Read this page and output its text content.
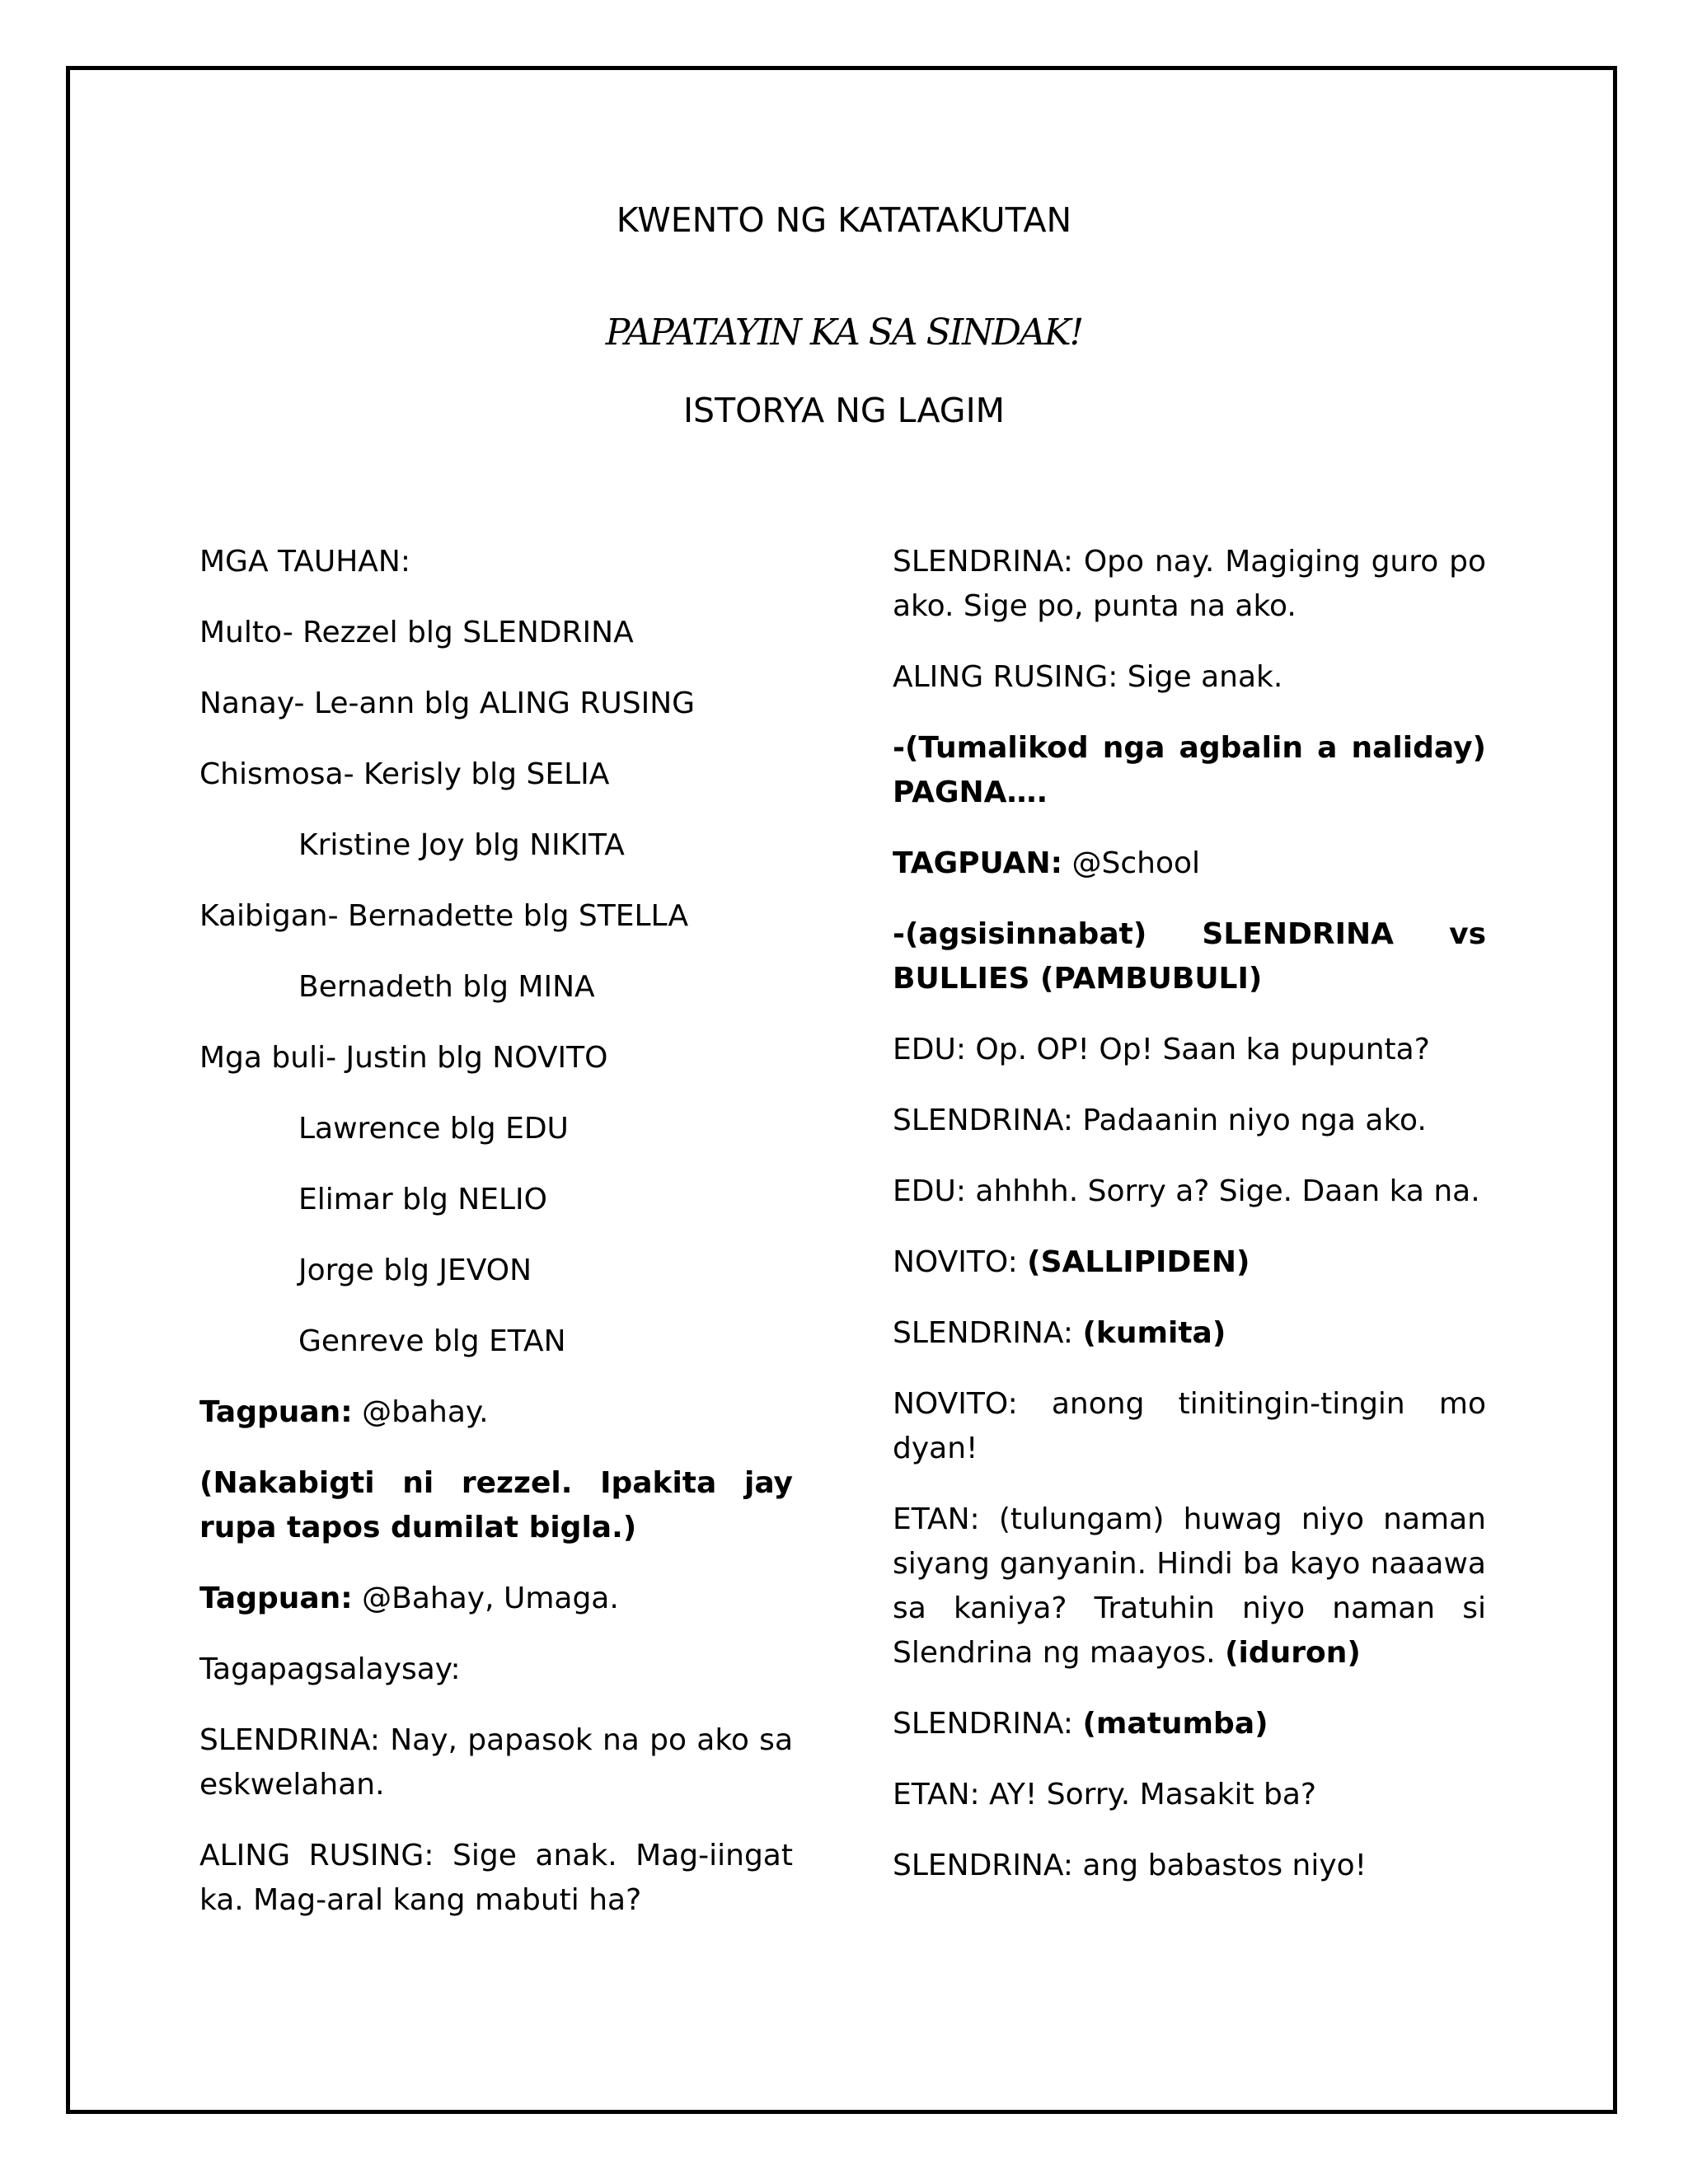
KWENTO NG KATATAKUTAN
PAPATAYIN KA SA SINDAK!
ISTORYA NG LAGIM

MGA TAUHAN:

Multo- Rezzel blg SLENDRINA

Nanay- Le-ann blg ALING RUSING

Chismosa- Kerisly blg SELIA

Kristine Joy blg NIKITA

Kaibigan- Bernadette blg STELLA

Bernadeth blg MINA

Mga buli- Justin blg NOVITO

Lawrence blg EDU

Elimar blg NELIO

Jorge blg JEVON

Genreve blg ETAN

Tagpuan: @bahay.

(Nakabigti ni rezzel. Ipakita jay rupa tapos dumilat bigla.)

Tagpuan: @Bahay, Umaga.

Tagapagsalaysay:

SLENDRINA: Nay, papasok na po ako sa eskwelahan.

ALING RUSING: Sige anak. Mag-iingat ka. Mag-aral kang mabuti ha?

SLENDRINA: Opo nay. Magiging guro po ako. Sige po, punta na ako.

ALING RUSING: Sige anak.

-(Tumalikod nga agbalin a naliday) PAGNA….

TAGPUAN: @School

-(agsisinnabat) SLENDRINA vs BULLIES (PAMBUBULI)

EDU: Op. OP! Op! Saan ka pupunta?

SLENDRINA: Padaanin niyo nga ako.

EDU: ahhhh. Sorry a? Sige. Daan ka na.

NOVITO: (SALLIPIDEN)

SLENDRINA: (kumita)

NOVITO: anong tinitingin-tingin mo dyan!

ETAN: (tulungam) huwag niyo naman siyang ganyanin. Hindi ba kayo naaawa sa kaniya? Tratuhin niyo naman si Slendrina ng maayos. (iduron)

SLENDRINA: (matumba)

ETAN: AY! Sorry. Masakit ba?

SLENDRINA: ang babastos niyo!
